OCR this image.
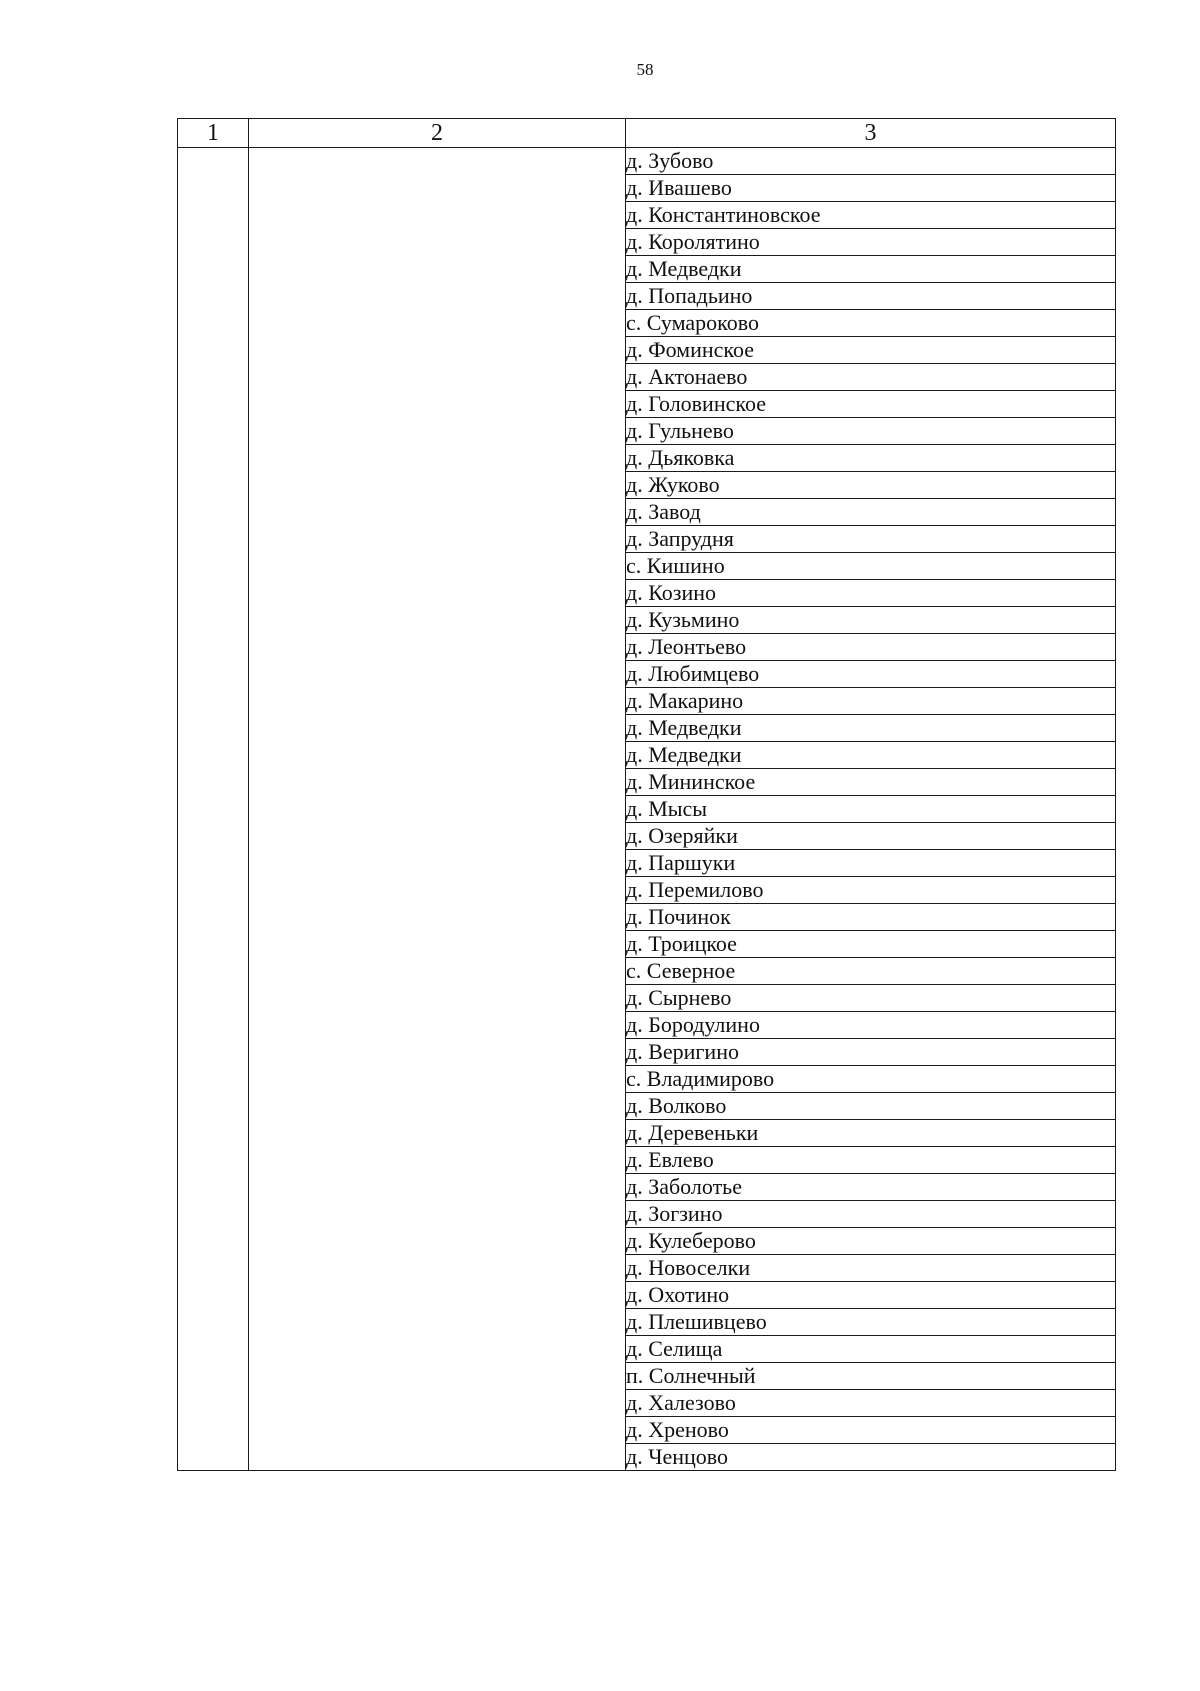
58
1	2	3
		д. Зубово
		д. Ивашево
		д. Константиновское
		д. Королятино
		д. Медведки
		д. Попадьино
		с. Сумароково
		д. Фоминское
		д. Актонаево
		д. Головинское
		д. Гульнево
		д. Дьяковка
		д. Жуково
		д. Завод
		д. Запрудня
		с. Кишино
		д. Козино
		д. Кузьмино
		д. Леонтьево
		д. Любимцево
		д. Макарино
		д. Медведки
		д. Медведки
		д. Мининское
		д. Мысы
		д. Озеряйки
		д. Паршуки
		д. Перемилово
		д. Починок
		д. Троицкое
		с. Северное
		д. Сырнево
		д. Бородулино
		д. Веригино
		с. Владимирово
		д. Волково
		д. Деревеньки
		д. Евлево
		д. Заболотье
		д. Зогзино
		д. Кулеберово
		д. Новоселки
		д. Охотино
		д. Плешивцево
		д. Селища
		п. Солнечный
		д. Халезово
		д. Хреново
		д. Ченцово
